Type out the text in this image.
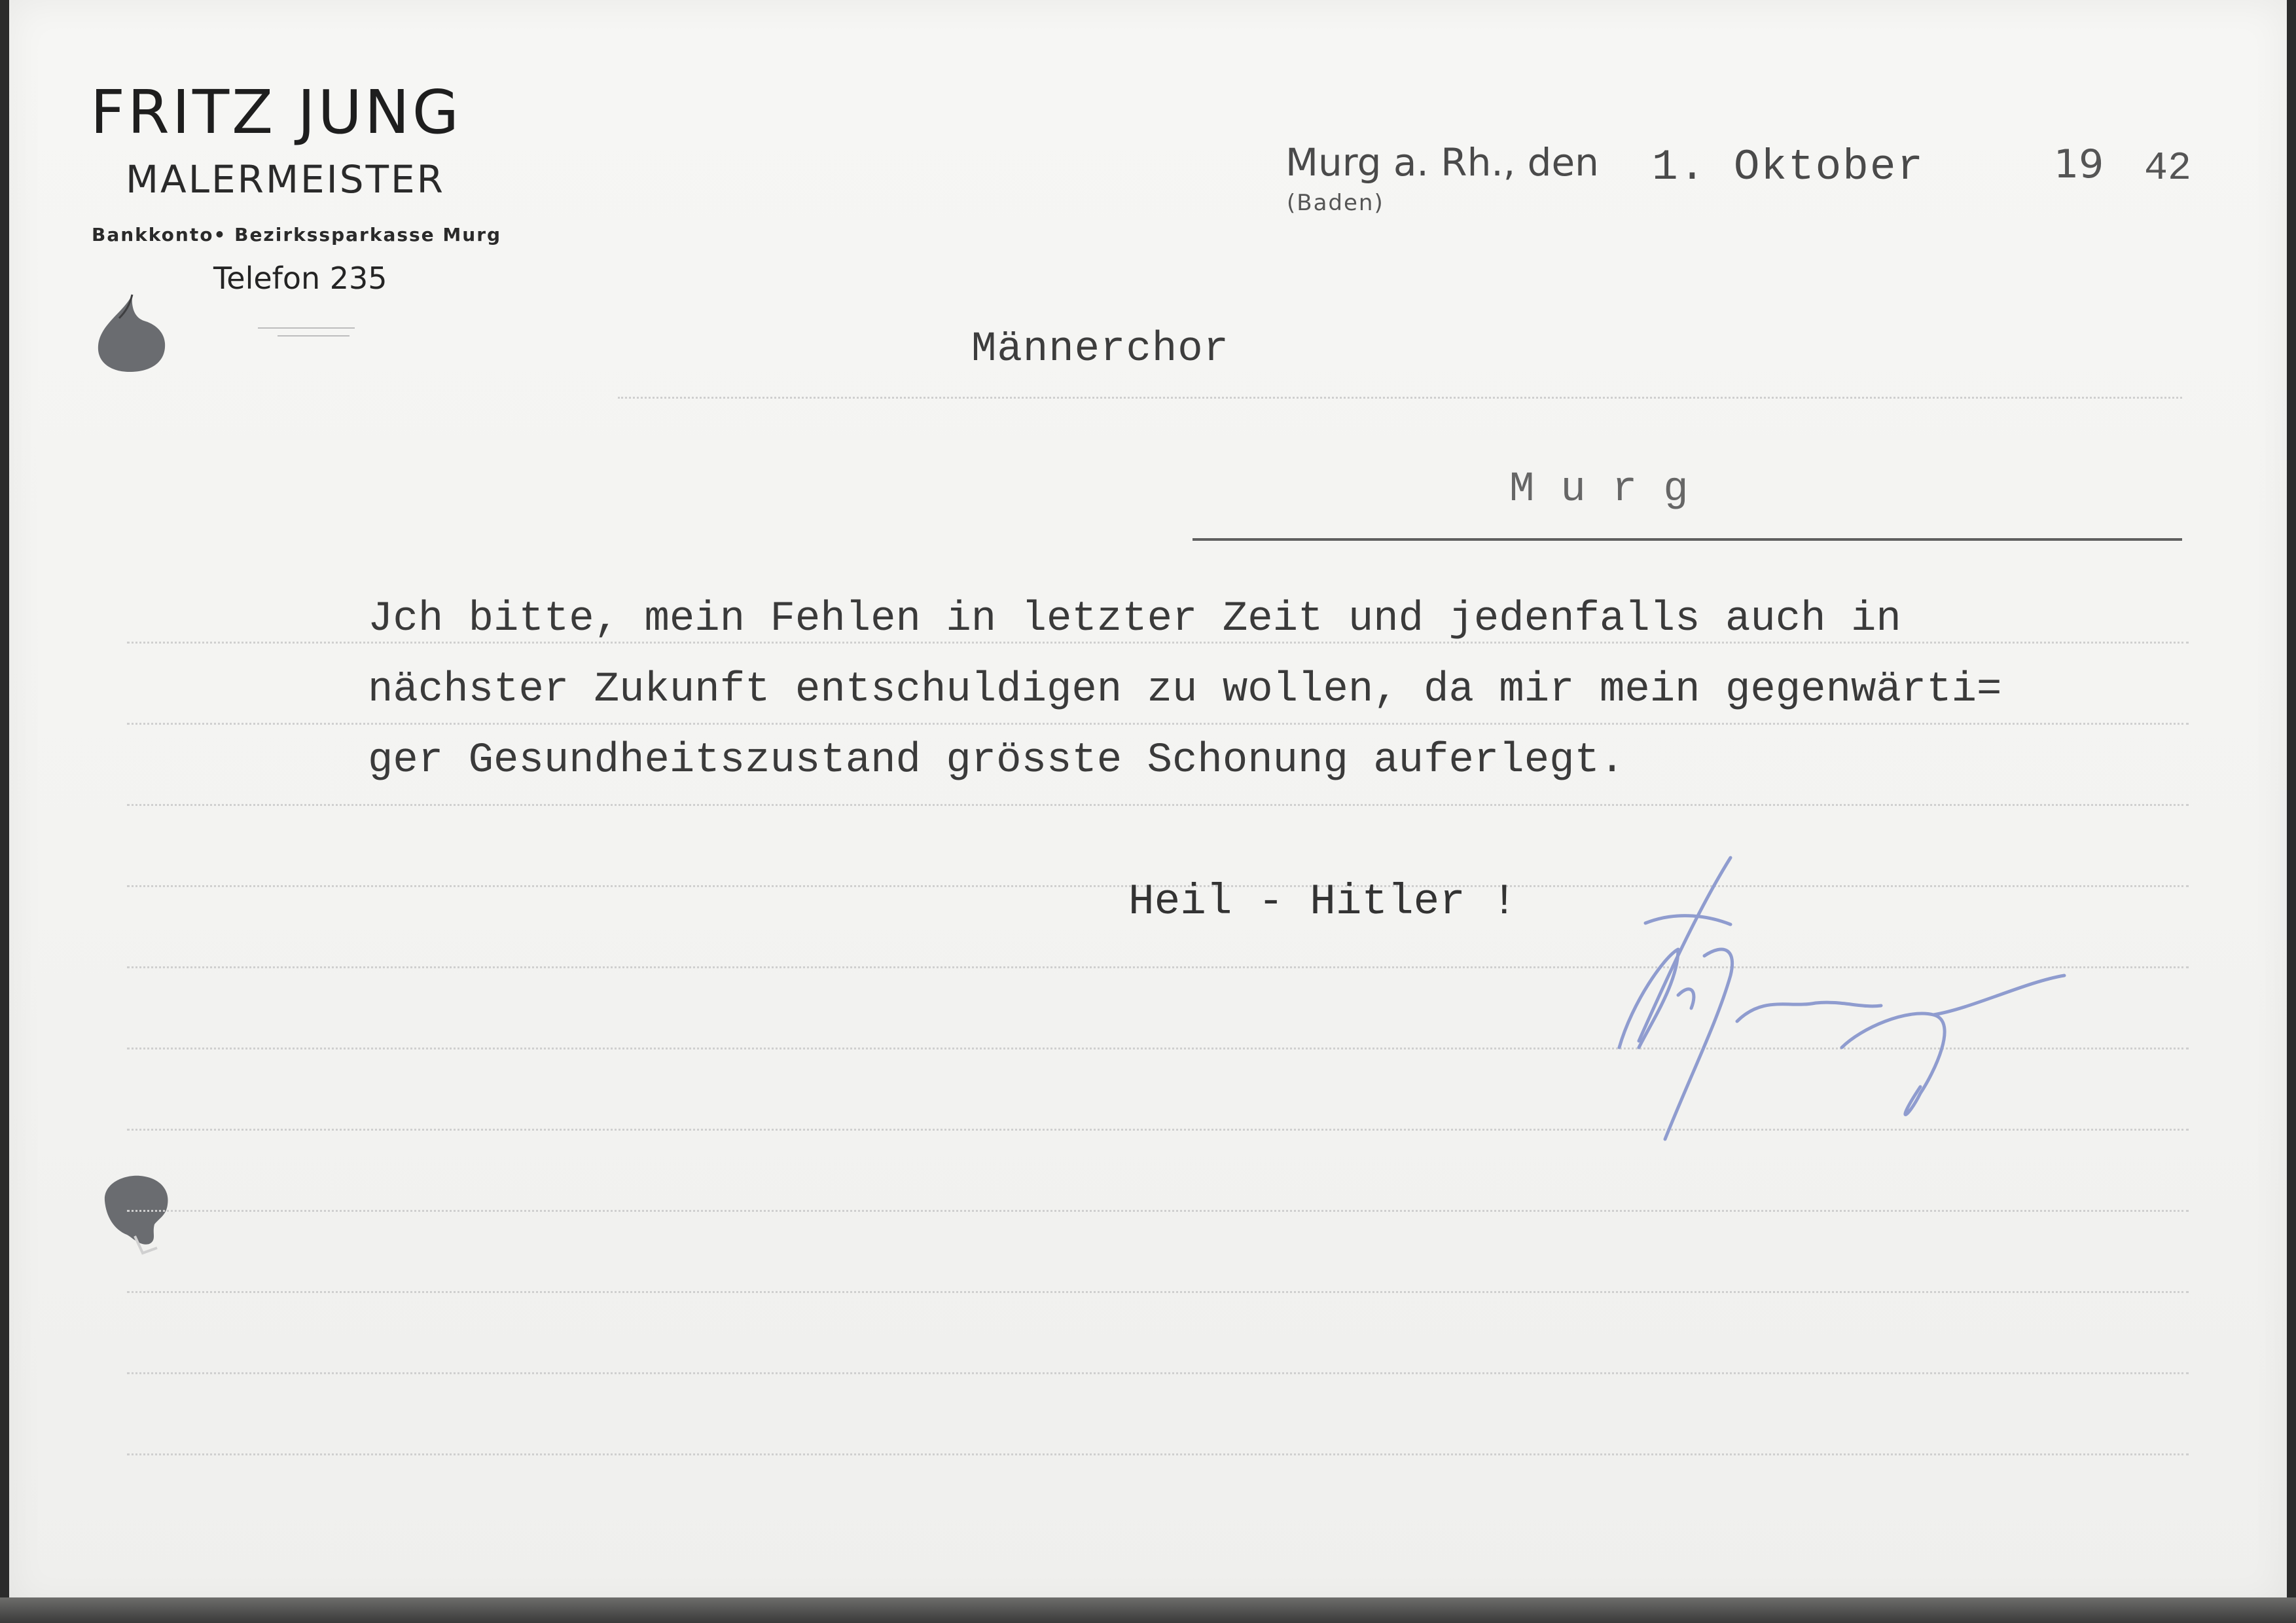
FRITZ JUNG
MALERMEISTER
Bankkonto• Bezirkssparkasse Murg
Telefon 235
Murg a. Rh., den
(Baden)
1. Oktober	19 42
Männerchor
Murg
Jch bitte, mein Fehlen in letzter Zeit und jedenfalls auch in
nächster Zukunft entschuldigen zu wollen, da mir mein gegenwärti=
ger Gesundheitszustand grösste Schonung auferlegt.
Heil - Hitler !
